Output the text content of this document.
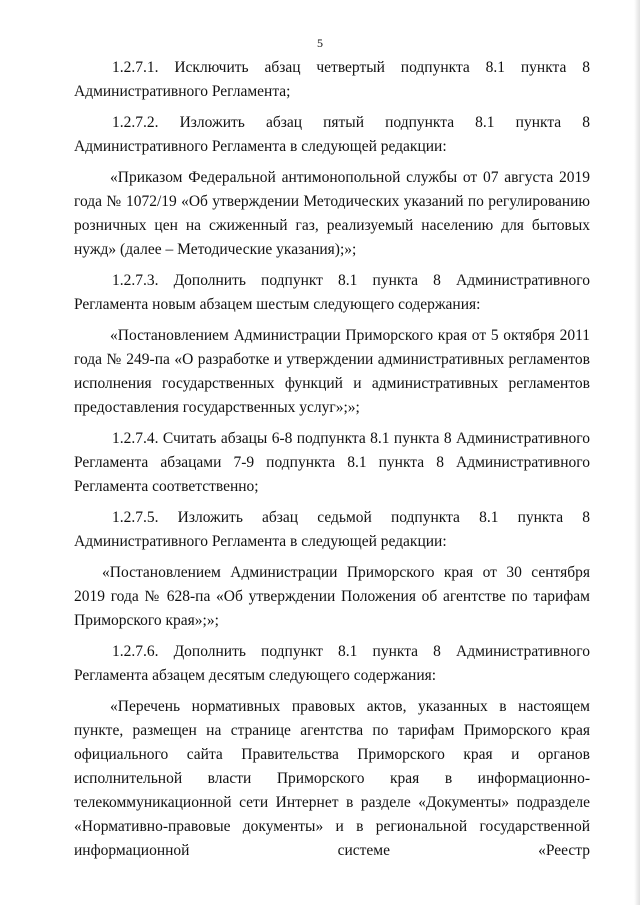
5

1.2.7.1. Исключить абзац четвертый подпункта 8.1 пункта 8 Административного Регламента;

1.2.7.2. Изложить абзац пятый подпункта 8.1 пункта 8 Административного Регламента в следующей редакции:

«Приказом Федеральной антимонопольной службы от 07 августа 2019 года № 1072/19 «Об утверждении Методических указаний по регулированию розничных цен на сжиженный газ, реализуемый населению для бытовых нужд» (далее – Методические указания);»;

1.2.7.3. Дополнить подпункт 8.1 пункта 8 Административного Регламента новым абзацем шестым следующего содержания:

«Постановлением Администрации Приморского края от 5 октября 2011 года № 249-па «О разработке и утверждении административных регламентов исполнения государственных функций и административных регламентов предоставления государственных услуг»;»;

1.2.7.4. Считать абзацы 6-8 подпункта 8.1 пункта 8 Административного Регламента абзацами 7-9 подпункта 8.1 пункта 8 Административного Регламента соответственно;

1.2.7.5. Изложить абзац седьмой подпункта 8.1 пункта 8 Административного Регламента в следующей редакции:

«Постановлением Администрации Приморского края от 30 сентября 2019 года № 628-па «Об утверждении Положения об агентстве по тарифам Приморского края»;»;

1.2.7.6. Дополнить подпункт 8.1 пункта 8 Административного Регламента абзацем десятым следующего содержания:

«Перечень нормативных правовых актов, указанных в настоящем пункте, размещен на странице агентства по тарифам Приморского края официального сайта Правительства Приморского края и органов исполнительной власти Приморского края в информационно-телекоммуникационной сети Интернет в разделе «Документы» подразделе «Нормативно-правовые документы» и в региональной государственной информационной системе «Реестр
